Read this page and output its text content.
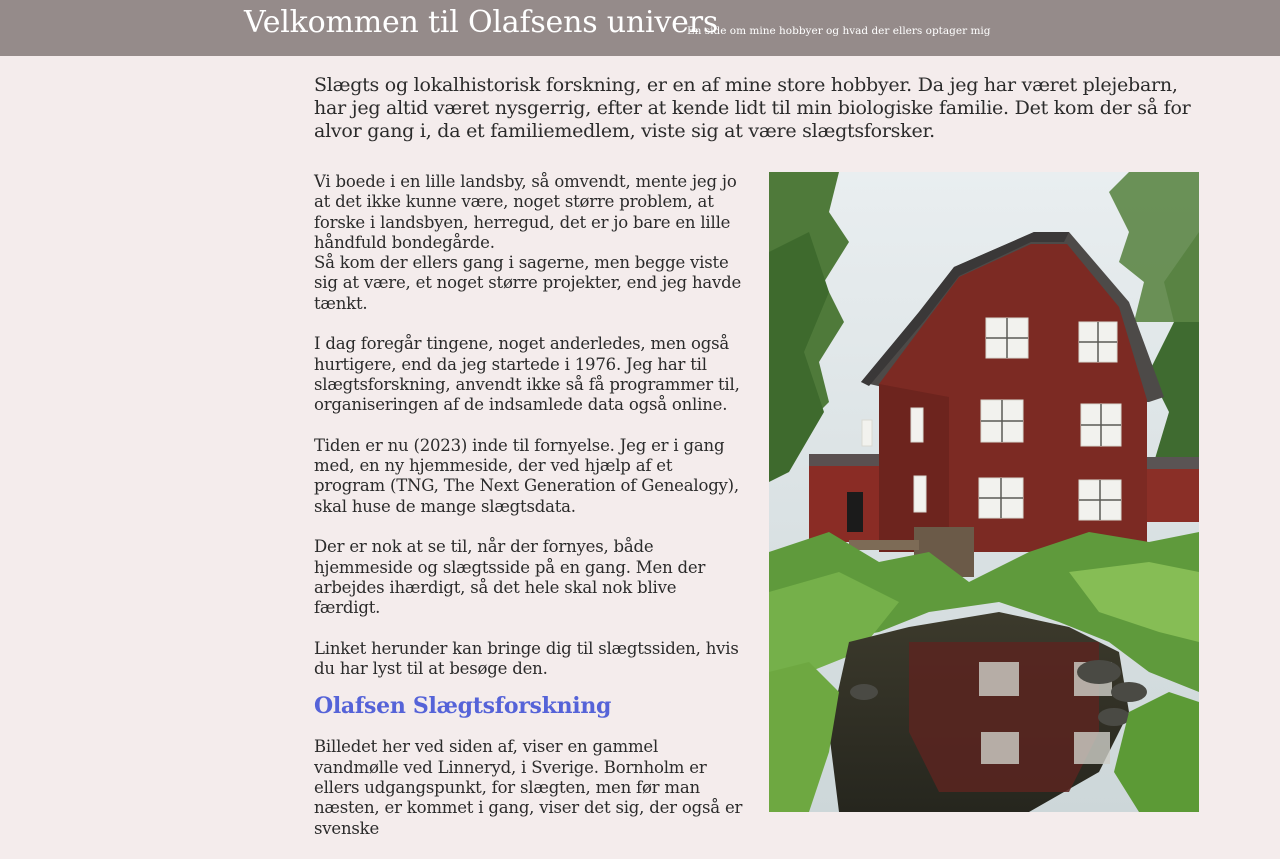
Velkommen til Olafsens univers
En side om mine hobbyer og hvad der ellers optager mig
Slægts og lokalhistorisk forskning, er en af mine store hobbyer. Da jeg har været plejebarn, har jeg altid været nysgerrig, efter at kende lidt til min biologiske familie. Det kom der så for alvor gang i, da et familiemedlem, viste sig at være slægtsforsker.

Vi boede i en lille landsby, så omvendt, mente jeg jo at det ikke kunne være, noget større problem, at forske i landsbyen, herregud, det er jo bare en lille håndfuld bondegårde.
Så kom der ellers gang i sagerne, men begge viste sig at være, et noget større projekter, end jeg havde tænkt.

I dag foregår tingene, noget anderledes, men også hurtigere, end da jeg startede i 1976. Jeg har til slægtsforskning, anvendt ikke så få programmer til, organiseringen af de indsamlede data også online.

Tiden er nu (2023) inde til fornyelse. Jeg er i gang med, en ny hjemmeside, der ved hjælp af et program (TNG, The Next Generation of Genealogy), skal huse de mange slægtsdata.

Der er nok at se til, når der fornyes, både hjemmeside og slægtsside på en gang. Men der arbejdes ihærdigt, så det hele skal nok blive færdigt.

Linket herunder kan bringe dig til slægtssiden, hvis du har lyst til at besøge den.

Olafsen Slægtsforskning

Billedet her ved siden af, viser en gammel vandmølle ved Linneryd, i Sverige. Bornholm er ellers udgangspunkt, for slægten, men før man næsten, er kommet i gang, viser det sig, der også er svenske
